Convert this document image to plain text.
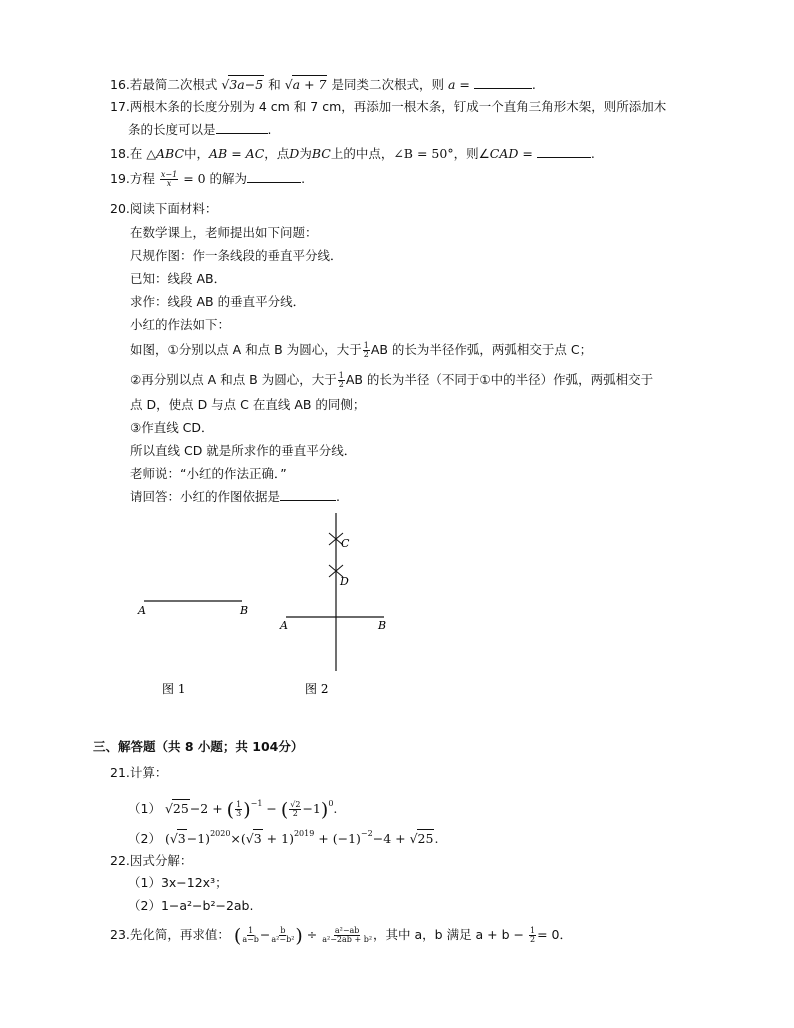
16.若最简二次根式 √3a−5 和 √a + 7 是同类二次根式，则 a =	.
17.两根木条的长度分别为 4 cm 和 7 cm，再添加一根木条，钉成一个直角三角形木架，则所添加木
条的长度可以是	.
18.在 △ABC中，AB = AC，点D为BC上的中点，∠B = 50°，则∠CAD =	.
19.方程 $\frac{x-1}{x} = 0$ 的解为	.
20.阅读下面材料：
在数学课上，老师提出如下问题：
尺规作图：作一条线段的垂直平分线．
已知：线段 AB．
求作：线段 AB 的垂直平分线．
小红的作法如下：
如图，①分别以点 A 和点 B 为圆心，大于 $\frac{1}{2}$ AB 的长为半径作弧，两弧相交于点 C；
②再分别以点 A 和点 B 为圆心，大于 $\frac{1}{2}$ AB 的长为半径（不同于①中的半径）作弧，两弧相交于
点 D，使点 D 与点 C 在直线 AB 的同侧；
③作直线 CD．
所以直线 CD 就是所求作的垂直平分线．
老师说：“小红的作法正确．”
请回答：小红的作图依据是	.
A	B
图 1
C
D
A	B
图 2
三、解答题（共 8 小题；共 104分）
21.计算：
（1） √25−2 + ( $\frac{1}{3} )^{-1}$ − ( $\frac{√2}{2} -1)^0$.
（2） $(√3-1)^{2020}\times(√3 + 1)^{2019} + (-1)^{-2}-4 + √25$.
22.因式分解：
（1）3x−12x³；
（2）1−a²−b²−2ab.
23.先化简，再求值： ( $\frac{1}{a-b} - \frac{b}{\text{a²−b²}}$ ) ÷ $\frac{\text{a²−ab}}{\text{a²−2ab + b²}}$ ，其中 a，b 满足 $a + b - \frac{1}{2} = 0$．
